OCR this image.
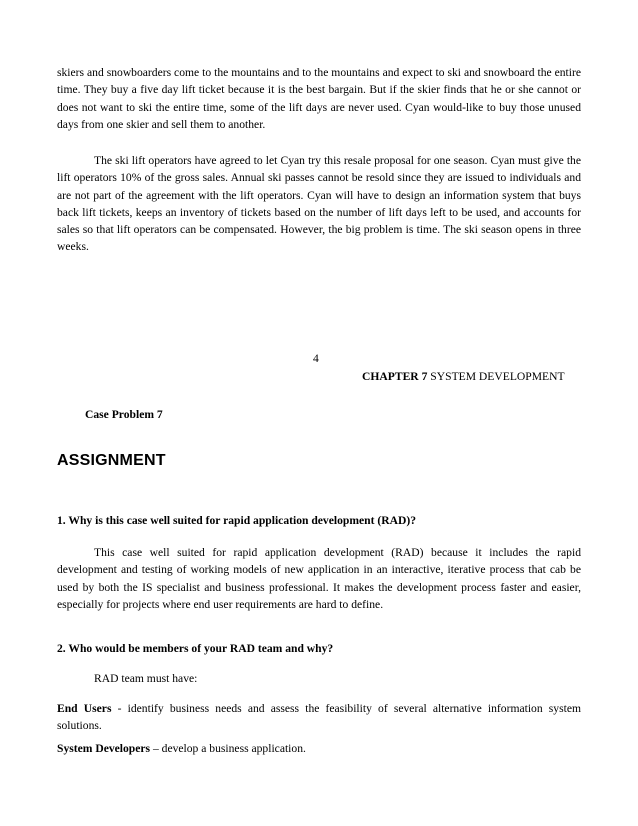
skiers and snowboarders come to the mountains and to the mountains and expect to ski and snowboard the entire time. They buy a five day lift ticket because it is the best bargain. But if the skier finds that he or she cannot or does not want to ski the entire time, some of the lift days are never used. Cyan would-like to buy those unused days from one skier and sell them to another.

The ski lift operators have agreed to let Cyan try this resale proposal for one season. Cyan must give the lift operators 10% of the gross sales. Annual ski passes cannot be resold since they are issued to individuals and are not part of the agreement with the lift operators. Cyan will have to design an information system that buys back lift tickets, keeps an inventory of tickets based on the number of lift days left to be used, and accounts for sales so that lift operators can be compensated. However, the big problem is time. The ski season opens in three weeks.

4
CHAPTER 7 SYSTEM DEVELOPMENT
Case Problem 7
ASSIGNMENT
1. Why is this case well suited for rapid application development (RAD)?

This case well suited for rapid application development (RAD) because it includes the rapid development and testing of working models of new application in an interactive, iterative process that cab be used by both the IS specialist and business professional. It makes the development process faster and easier, especially for projects where end user requirements are hard to define.

2. Who would be members of your RAD team and why?
RAD team must have:

End Users - identify business needs and assess the feasibility of several alternative information system solutions.

System Developers – develop a business application.
